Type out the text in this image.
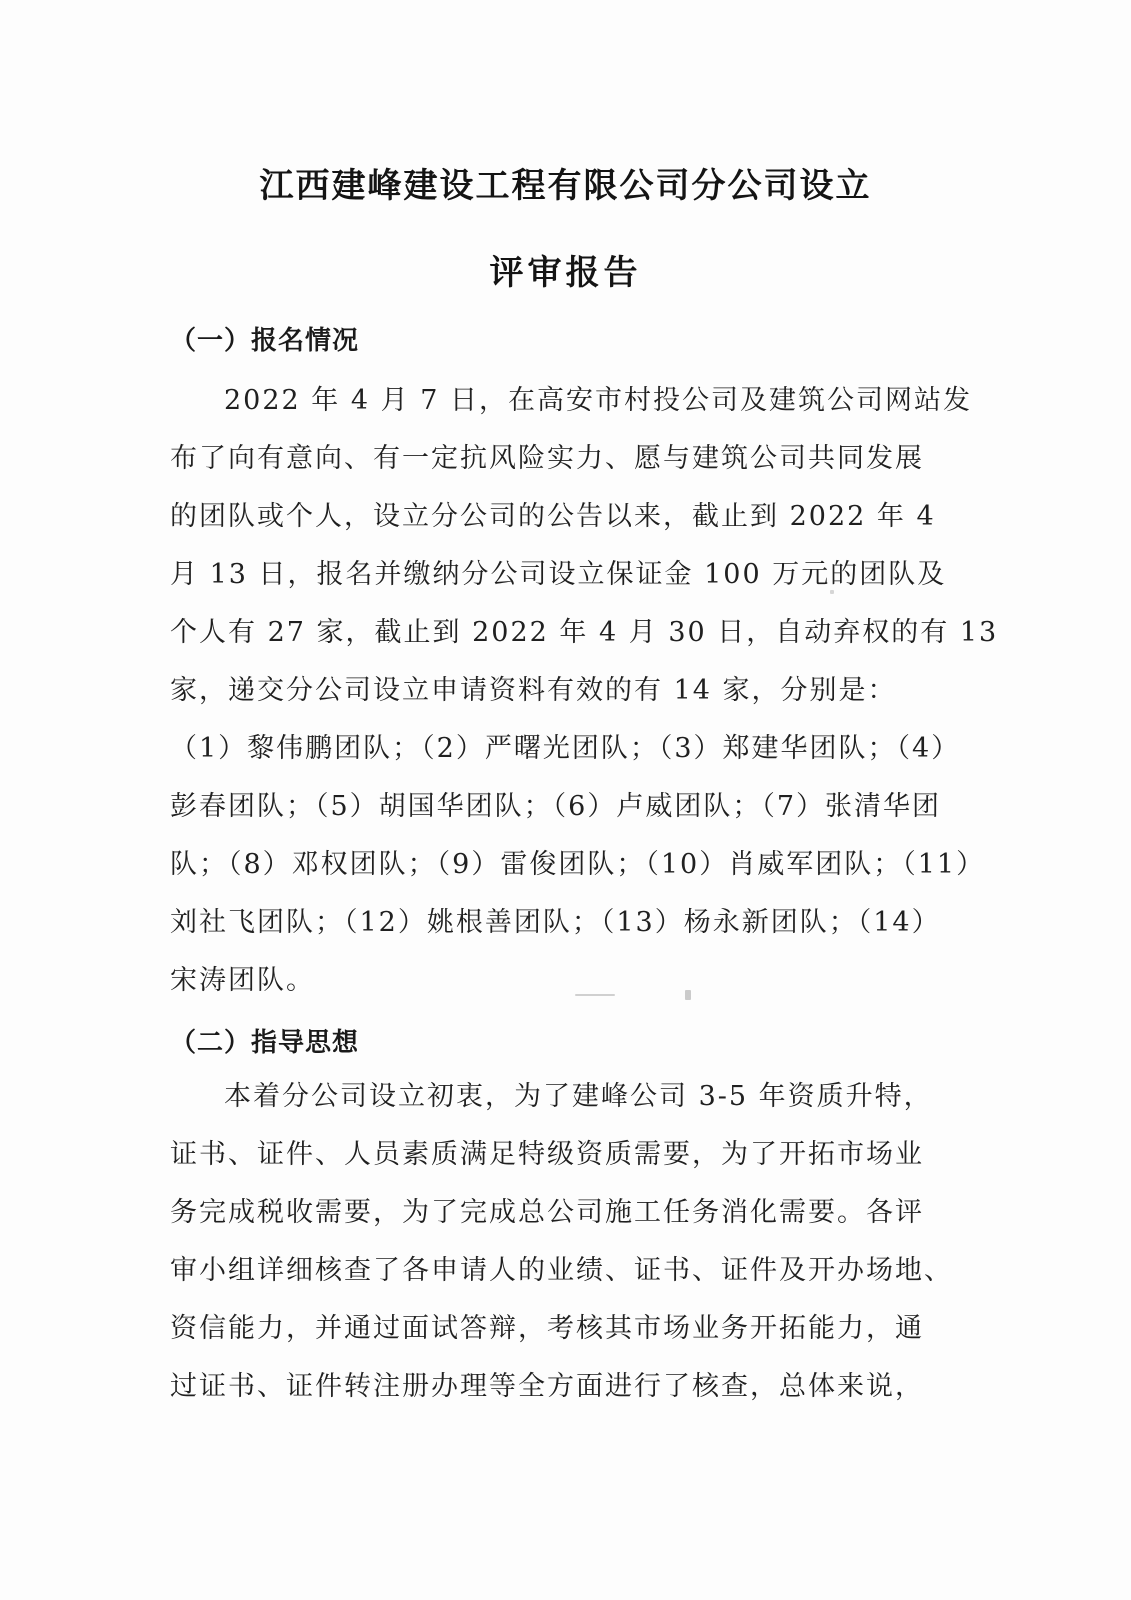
江西建峰建设工程有限公司分公司设立
评审报告
（一）报名情况
2022 年 4 月 7 日，在高安市村投公司及建筑公司网站发
布了向有意向、有一定抗风险实力、愿与建筑公司共同发展
的团队或个人，设立分公司的公告以来，截止到 2022 年 4
月 13 日，报名并缴纳分公司设立保证金 100 万元的团队及
个人有 27 家，截止到 2022 年 4 月 30 日，自动弃权的有 13
家，递交分公司设立申请资料有效的有 14 家，分别是：
（1）黎伟鹏团队；（2）严曙光团队；（3）郑建华团队；（4）
彭春团队；（5）胡国华团队；（6）卢威团队；（7）张清华团
队；（8）邓权团队；（9）雷俊团队；（10）肖威军团队；（11）
刘社飞团队；（12）姚根善团队；（13）杨永新团队；（14）
宋涛团队。
（二）指导思想
本着分公司设立初衷，为了建峰公司 3-5 年资质升特，
证书、证件、人员素质满足特级资质需要，为了开拓市场业
务完成税收需要，为了完成总公司施工任务消化需要。各评
审小组详细核查了各申请人的业绩、证书、证件及开办场地、
资信能力，并通过面试答辩，考核其市场业务开拓能力，通
过证书、证件转注册办理等全方面进行了核查，总体来说，
